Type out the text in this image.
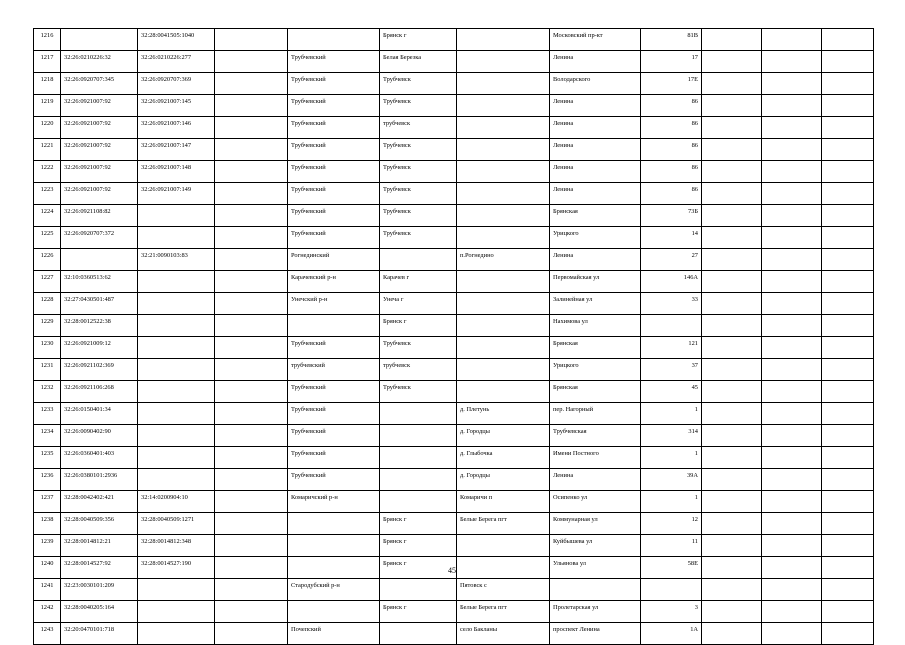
1216		32:28:0041505:1040			Брянск г		Московский пр-кт	81В			
1217	32:26:0210226:32	32:26:0210226:277		Трубчевский	Белая Березка		Ленина	17			
1218	32:26:0920707:345	32:26:0920707:369		Трубчевский	Трубчевск		Володарского	17Е			
1219	32:26:0921007:92	32:26:0921007:145		Трубчевский	Трубчевск		Ленина	86			
1220	32:26:0921007:92	32:26:0921007:146		Трубчевский	трубчевск		Ленина	86			
1221	32:26:0921007:92	32:26:0921007:147		Трубчевский	Трубчевск		Ленина	86			
1222	32:26:0921007:92	32:26:0921007:148		Трубчевский	Трубчевск		Ленина	86			
1223	32:26:0921007:92	32:26:0921007:149		Трубчевский	Трубчевск		Ленина	86			
1224	32:26:0921108:82			Трубчевский	Трубчевск		Брянская	73Б			
1225	32:26:0920707:372			Трубчевский	Трубчевск		Урицкого	14			
1226		32:21:0090103:83		Рогнединский		п.Рогнедино	Ленина	27			
1227	32:10:0360513:62			Карачевский р-н	Карачев г		Первомайская ул	146А			
1228	32:27:0430501:487			Унечский р-н	Унеча г		Залинейная ул	33			
1229	32:28:0012522:38				Брянск г		Нахимова ул				
1230	32:26:0921009:12			Трубчевский	Трубчевск		Брянская	121			
1231	32:26:0921102:369			трубчевский	трубчевск		Урицкого	37			
1232	32:26:0921106:268			Трубчевский	Трубчевск		Брянская	45			
1233	32:26:0150401:34			Трубчевский		д. Плетунь	пер. Нагорный	1			
1234	32:26:0090402:90			Трубчевский		д. Городцы	Трубчевская	314			
1235	32:26:0360401:403			Трубчевский		д. Глыбочка	Имени Постного	1			
1236	32:26:0380101:2936			Трубчевский		д. Городцы	Ленина	39А			
1237	32:28:0042402:421	32:14:0200904:10		Комаричский р-н		Комаричи п	Осипенко ул	1			
1238	32:28:0040509:356	32:28:0040509:1271			Брянск г	Белые Берега пгт	Коммунарная ул	12			
1239	32:28:0014812:21	32:28:0014812:348			Брянск г		Куйбышева ул	11			
1240	32:28:0014527:92	32:28:0014527:190			Брянск г		Ульянова ул	58Е			
1241	32:23:0030101:209			Стародубский р-н		Пятовск с					
1242	32:28:0040205:164				Брянск г	Белые Берега пгт	Пролетарская ул	3			
1243	32:20:0470101:718			Почепский		село Бакланы	проспект Ленина	1А			
45
